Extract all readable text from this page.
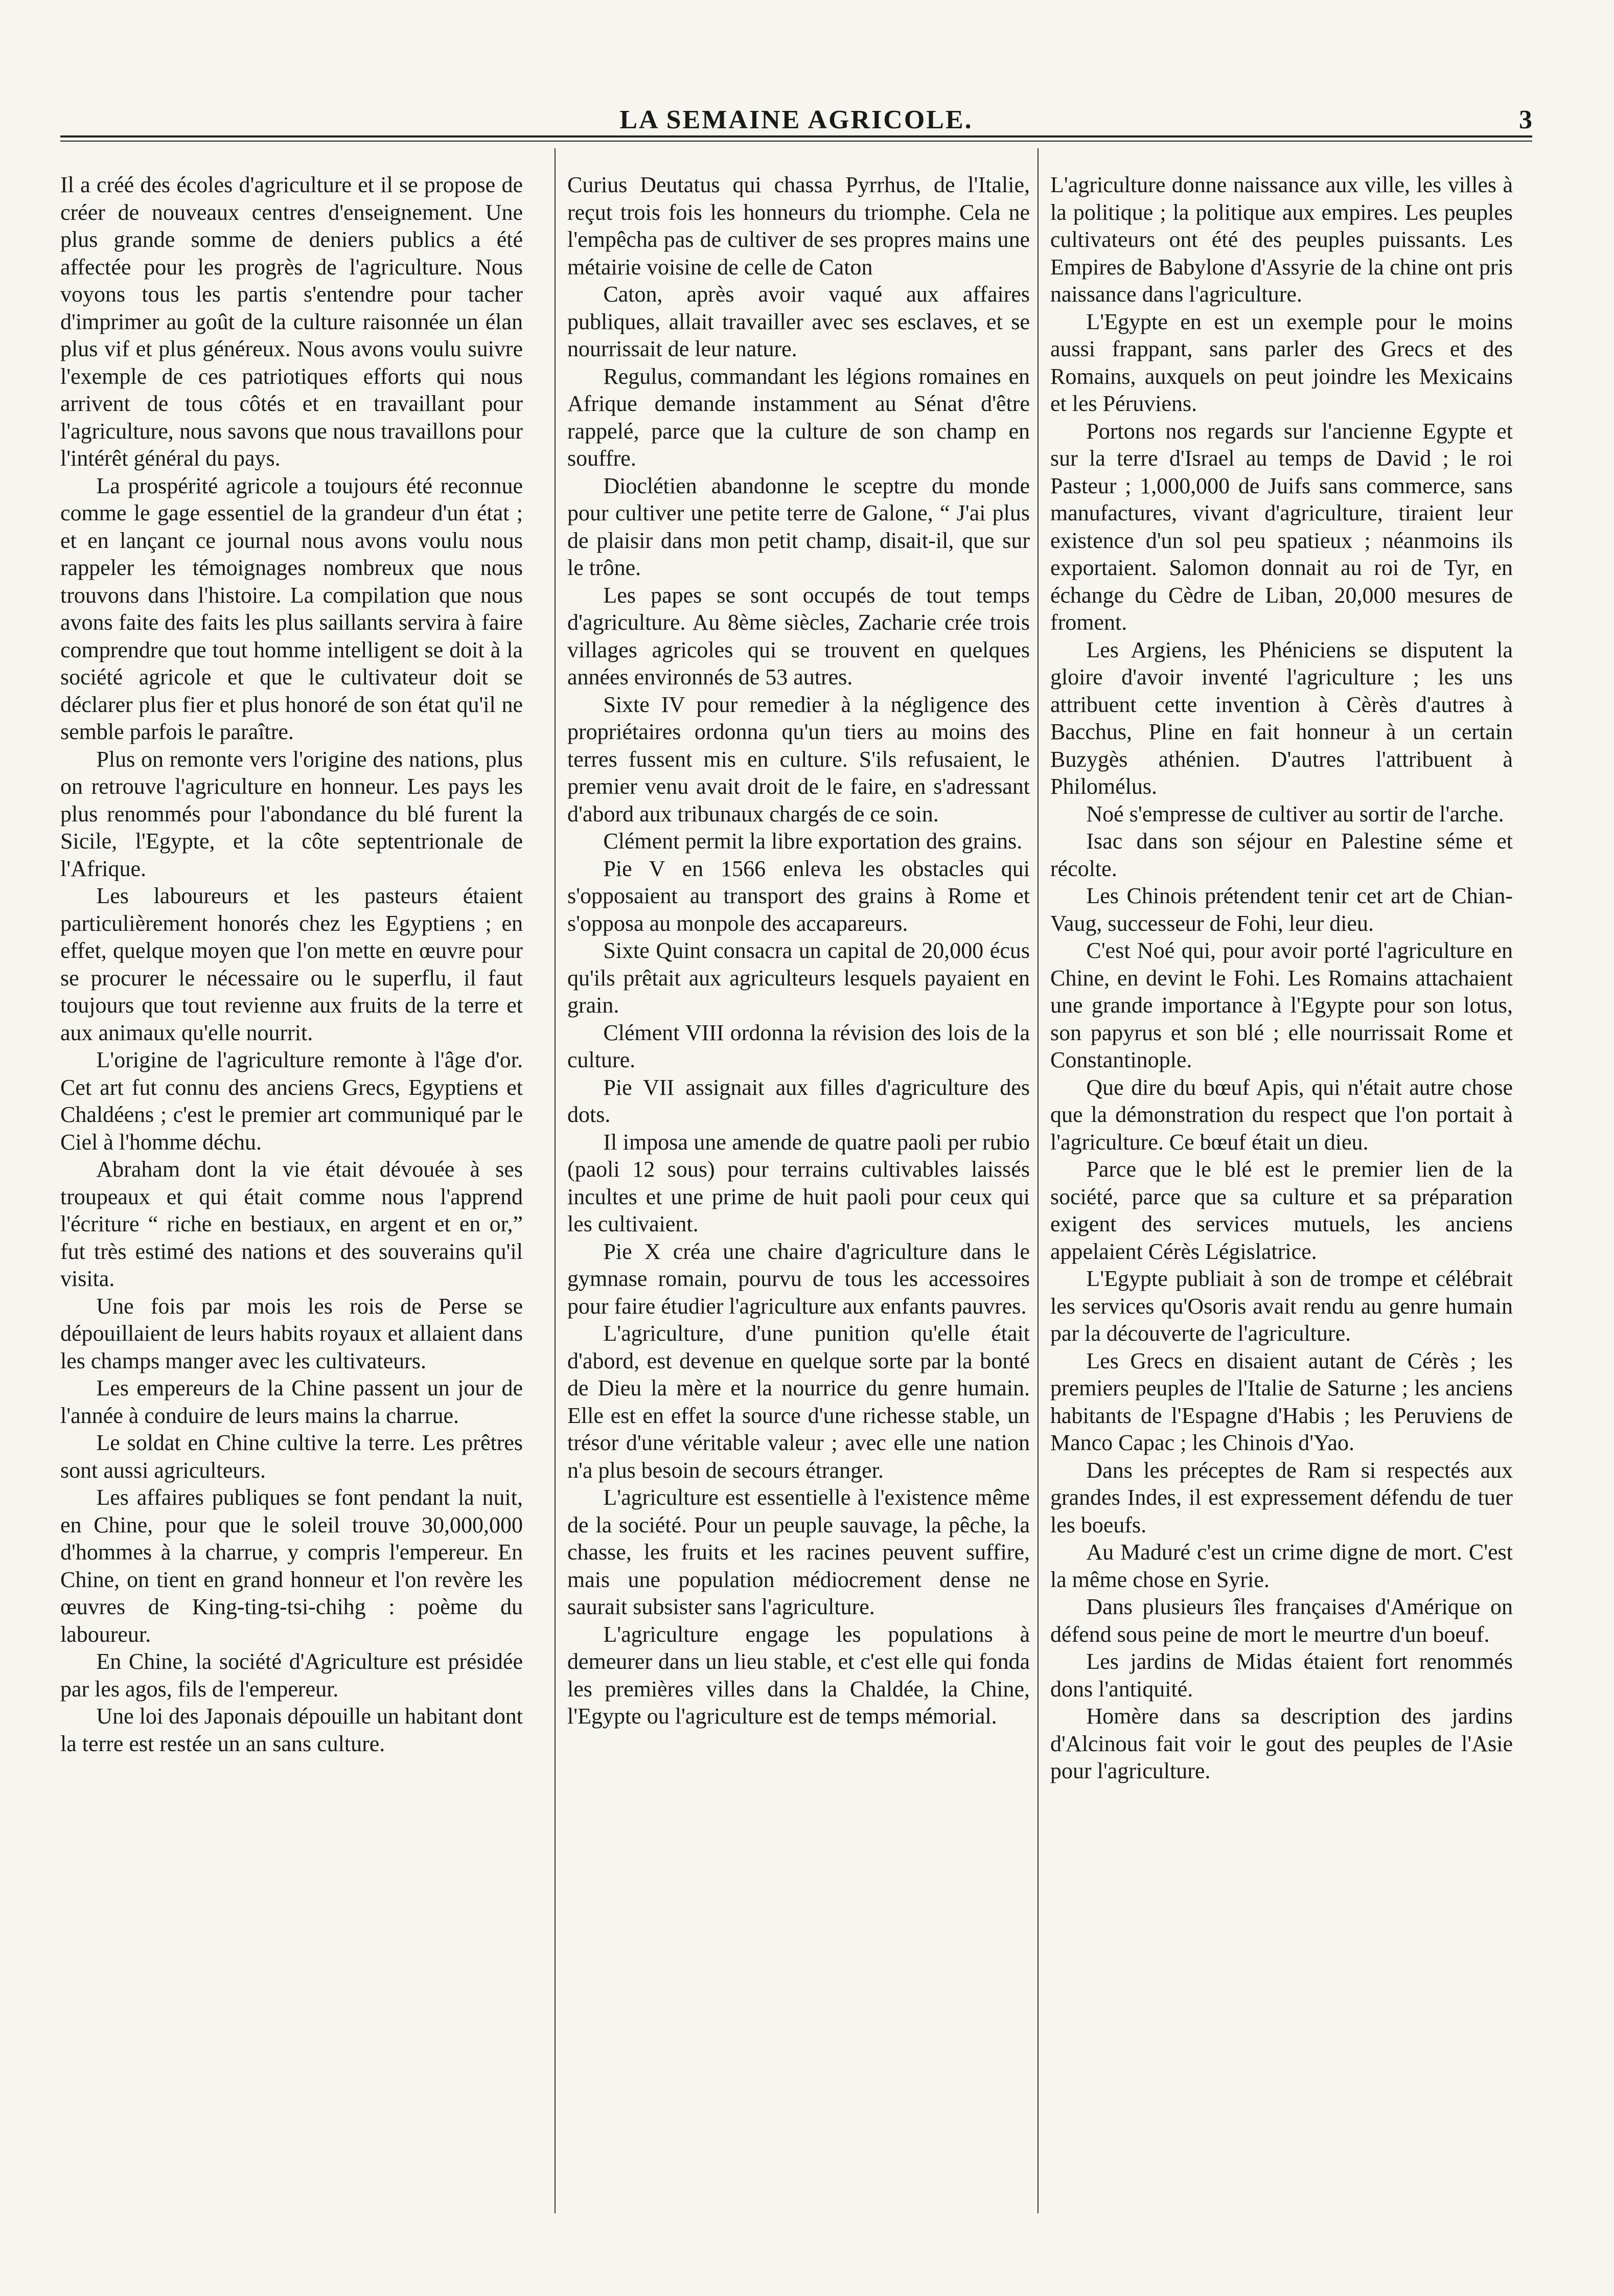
LA SEMAINE AGRICOLE.	3

Il a créé des écoles d'agriculture et il se propose de créer de nouveaux centres d'enseignement. Une plus grande somme de deniers publics a été affectée pour les progrès de l'agriculture. Nous voyons tous les partis s'entendre pour tacher d'imprimer au goût de la culture raisonnée un élan plus vif et plus généreux. Nous avons voulu suivre l'exemple de ces patriotiques efforts qui nous arrivent de tous côtés et en travaillant pour l'agriculture, nous savons que nous travaillons pour l'intérêt général du pays.

La prospérité agricole a toujours été reconnue comme le gage essentiel de la grandeur d'un état ; et en lançant ce journal nous avons voulu nous rappeler les témoignages nombreux que nous trouvons dans l'histoire. La compilation que nous avons faite des faits les plus saillants servira à faire comprendre que tout homme intelligent se doit à la société agricole et que le cultivateur doit se déclarer plus fier et plus honoré de son état qu'il ne semble parfois le paraître.

Plus on remonte vers l'origine des nations, plus on retrouve l'agriculture en honneur. Les pays les plus renommés pour l'abondance du blé furent la Sicile, l'Egypte, et la côte septentrionale de l'Afrique.

Les laboureurs et les pasteurs étaient particulièrement honorés chez les Egyptiens ; en effet, quelque moyen que l'on mette en œuvre pour se procurer le nécessaire ou le superflu, il faut toujours que tout revienne aux fruits de la terre et aux animaux qu'elle nourrit.

L'origine de l'agriculture remonte à l'âge d'or. Cet art fut connu des anciens Grecs, Egyptiens et Chaldéens ; c'est le premier art communiqué par le Ciel à l'homme déchu.

Abraham dont la vie était dévouée à ses troupeaux et qui était comme nous l'apprend l'écriture “ riche en bestiaux, en argent et en or,” fut très estimé des nations et des souverains qu'il visita.

Une fois par mois les rois de Perse se dépouillaient de leurs habits royaux et allaient dans les champs manger avec les cultivateurs.

Les empereurs de la Chine passent un jour de l'année à conduire de leurs mains la charrue.

Le soldat en Chine cultive la terre. Les prêtres sont aussi agriculteurs.

Les affaires publiques se font pendant la nuit, en Chine, pour que le soleil trouve 30,000,000 d'hommes à la charrue, y compris l'empereur. En Chine, on tient en grand honneur et l'on revère les œuvres de King-ting-tsi-chihg : poème du laboureur.

En Chine, la société d'Agriculture est présidée par les agos, fils de l'empereur.

Une loi des Japonais dépouille un habitant dont la terre est restée un an sans culture.

Curius Deutatus qui chassa Pyrrhus, de l'Italie, reçut trois fois les honneurs du triomphe. Cela ne l'empêcha pas de cultiver de ses propres mains une métairie voisine de celle de Caton

Caton, après avoir vaqué aux affaires publiques, allait travailler avec ses esclaves, et se nourrissait de leur nature.

Regulus, commandant les légions romaines en Afrique demande instamment au Sénat d'être rappelé, parce que la culture de son champ en souffre.

Dioclétien abandonne le sceptre du monde pour cultiver une petite terre de Galone, “ J'ai plus de plaisir dans mon petit champ, disait-il, que sur le trône.

Les papes se sont occupés de tout temps d'agriculture. Au 8ème siècles, Zacharie crée trois villages agricoles qui se trouvent en quelques années environnés de 53 autres.

Sixte IV pour remedier à la négligence des propriétaires ordonna qu'un tiers au moins des terres fussent mis en culture. S'ils refusaient, le premier venu avait droit de le faire, en s'adressant d'abord aux tribunaux chargés de ce soin.

Clément permit la libre exportation des grains.

Pie V en 1566 enleva les obstacles qui s'opposaient au transport des grains à Rome et s'opposa au monpole des accapareurs.

Sixte Quint consacra un capital de 20,000 écus qu'ils prêtait aux agriculteurs lesquels payaient en grain.

Clément VIII ordonna la révision des lois de la culture.

Pie VII assignait aux filles d'agriculture des dots.

Il imposa une amende de quatre paoli per rubio (paoli 12 sous) pour terrains cultivables laissés incultes et une prime de huit paoli pour ceux qui les cultivaient.

Pie X créa une chaire d'agriculture dans le gymnase romain, pourvu de tous les accessoires pour faire étudier l'agriculture aux enfants pauvres.

L'agriculture, d'une punition qu'elle était d'abord, est devenue en quelque sorte par la bonté de Dieu la mère et la nourrice du genre humain. Elle est en effet la source d'une richesse stable, un trésor d'une véritable valeur ; avec elle une nation n'a plus besoin de secours étranger.

L'agriculture est essentielle à l'existence même de la société. Pour un peuple sauvage, la pêche, la chasse, les fruits et les racines peuvent suffire, mais une population médiocrement dense ne saurait subsister sans l'agriculture.

L'agriculture engage les populations à demeurer dans un lieu stable, et c'est elle qui fonda les premières villes dans la Chaldée, la Chine, l'Egypte ou l'agriculture est de temps mémorial.

L'agriculture donne naissance aux ville, les villes à la politique ; la politique aux empires. Les peuples cultivateurs ont été des peuples puissants. Les Empires de Babylone d'Assyrie de la chine ont pris naissance dans l'agriculture.

L'Egypte en est un exemple pour le moins aussi frappant, sans parler des Grecs et des Romains, auxquels on peut joindre les Mexicains et les Péruviens.

Portons nos regards sur l'ancienne Egypte et sur la terre d'Israel au temps de David ; le roi Pasteur ; 1,000,000 de Juifs sans commerce, sans manufactures, vivant d'agriculture, tiraient leur existence d'un sol peu spatieux ; néanmoins ils exportaient. Salomon donnait au roi de Tyr, en échange du Cèdre de Liban, 20,000 mesures de froment.

Les Argiens, les Phéniciens se disputent la gloire d'avoir inventé l'agriculture ; les uns attribuent cette invention à Cèrès d'autres à Bacchus, Pline en fait honneur à un certain Buzygès athénien. D'autres l'attribuent à Philomélus.

Noé s'empresse de cultiver au sortir de l'arche.

Isac dans son séjour en Palestine séme et récolte.

Les Chinois prétendent tenir cet art de Chian-Vaug, successeur de Fohi, leur dieu.

C'est Noé qui, pour avoir porté l'agriculture en Chine, en devint le Fohi. Les Romains attachaient une grande importance à l'Egypte pour son lotus, son papyrus et son blé ; elle nourrissait Rome et Constantinople.

Que dire du bœuf Apis, qui n'était autre chose que la démonstration du respect que l'on portait à l'agriculture. Ce bœuf était un dieu.

Parce que le blé est le premier lien de la société, parce que sa culture et sa préparation exigent des services mutuels, les anciens appelaient Cérès Législatrice.

L'Egypte publiait à son de trompe et célébrait les services qu'Osoris avait rendu au genre humain par la découverte de l'agriculture.

Les Grecs en disaient autant de Cérès ; les premiers peuples de l'Italie de Saturne ; les anciens habitants de l'Espagne d'Habis ; les Peruviens de Manco Capac ; les Chinois d'Yao.

Dans les préceptes de Ram si respectés aux grandes Indes, il est expressement défendu de tuer les boeufs.

Au Maduré c'est un crime digne de mort. C'est la même chose en Syrie.

Dans plusieurs îles françaises d'Amérique on défend sous peine de mort le meurtre d'un boeuf.

Les jardins de Midas étaient fort renommés dons l'antiquité.

Homère dans sa description des jardins d'Alcinous fait voir le gout des peuples de l'Asie pour l'agriculture.
